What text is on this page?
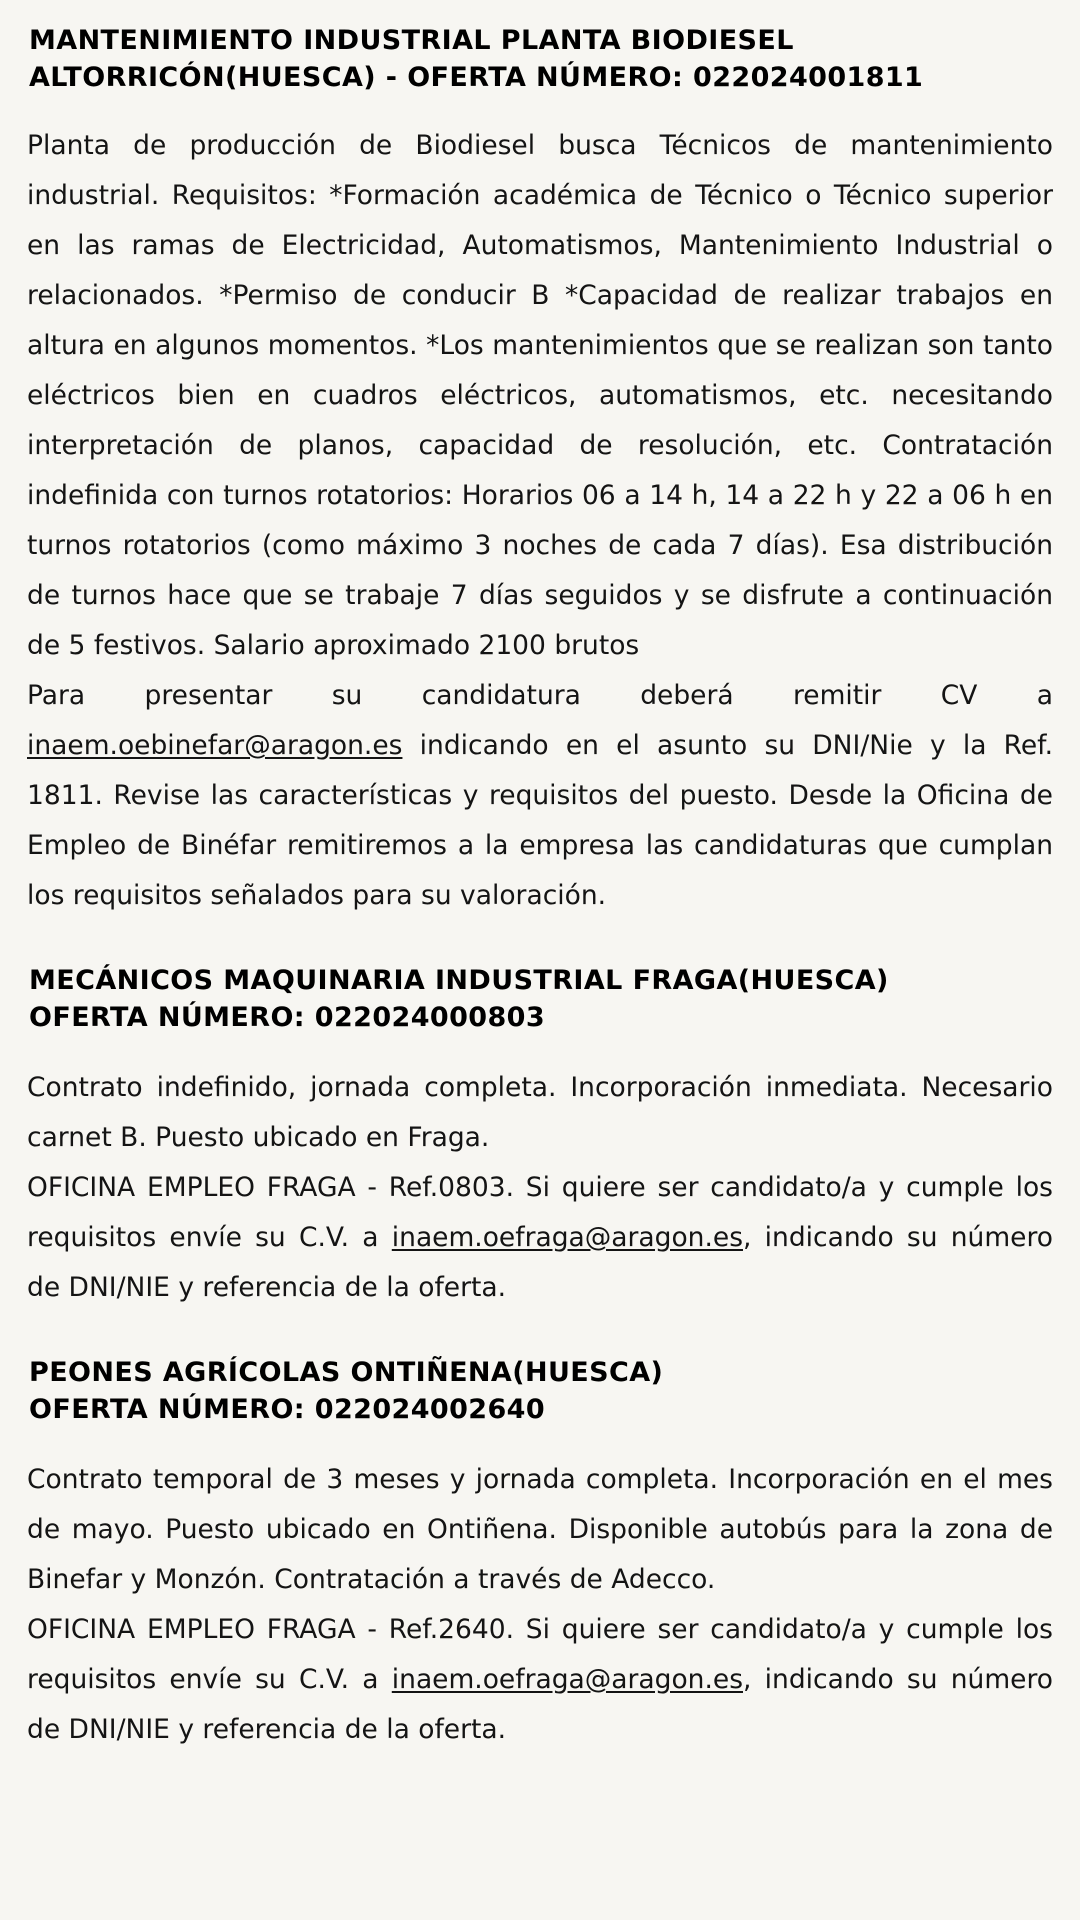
MANTENIMIENTO INDUSTRIAL PLANTA BIODIESEL
ALTORRICÓN(HUESCA) - OFERTA NÚMERO: 022024001811

Planta de producción de Biodiesel busca Técnicos de mantenimiento industrial. Requisitos: *Formación académica de Técnico o Técnico superior en las ramas de Electricidad, Automatismos, Mantenimiento Industrial o relacionados. *Permiso de conducir B *Capacidad de realizar trabajos en altura en algunos momentos. *Los mantenimientos que se realizan son tanto eléctricos bien en cuadros eléctricos, automatismos, etc. necesitando interpretación de planos, capacidad de resolución, etc. Contratación indefinida con turnos rotatorios: Horarios 06 a 14 h, 14 a 22 h y 22 a 06 h en turnos rotatorios (como máximo 3 noches de cada 7 días). Esa distribución de turnos hace que se trabaje 7 días seguidos y se disfrute a continuación de 5 festivos. Salario aproximado 2100 brutos

Para presentar su candidatura deberá remitir CV a inaem.oebinefar@aragon.es indicando en el asunto su DNI/Nie y la Ref. 1811. Revise las características y requisitos del puesto. Desde la Oficina de Empleo de Binéfar remitiremos a la empresa las candidaturas que cumplan los requisitos señalados para su valoración.

MECÁNICOS MAQUINARIA INDUSTRIAL FRAGA(HUESCA)
OFERTA NÚMERO: 022024000803

Contrato indefinido, jornada completa. Incorporación inmediata. Necesario carnet B. Puesto ubicado en Fraga.

OFICINA EMPLEO FRAGA - Ref.0803. Si quiere ser candidato/a y cumple los requisitos envíe su C.V. a inaem.oefraga@aragon.es, indicando su número de DNI/NIE y referencia de la oferta.

PEONES AGRÍCOLAS ONTIÑENA(HUESCA)
OFERTA NÚMERO: 022024002640

Contrato temporal de 3 meses y jornada completa. Incorporación en el mes de mayo. Puesto ubicado en Ontiñena. Disponible autobús para la zona de Binefar y Monzón. Contratación a través de Adecco.

OFICINA EMPLEO FRAGA - Ref.2640. Si quiere ser candidato/a y cumple los requisitos envíe su C.V. a inaem.oefraga@aragon.es, indicando su número de DNI/NIE y referencia de la oferta.
